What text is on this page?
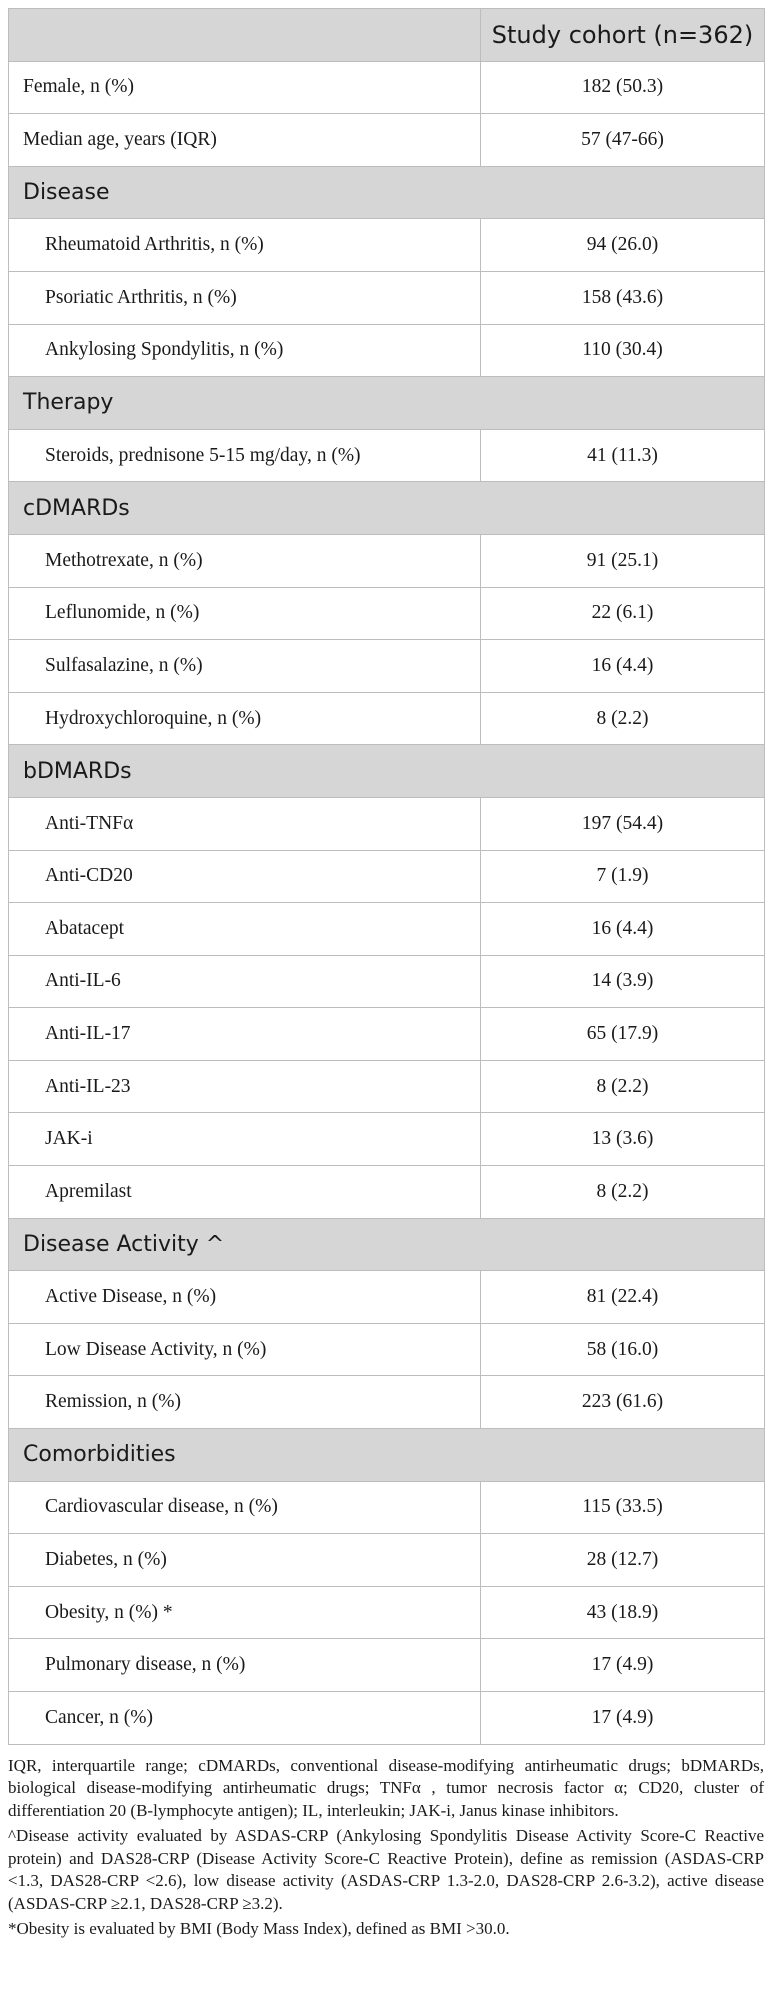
	Study cohort (n=362)
Female, n (%)	182 (50.3)
Median age, years (IQR)	57 (47-66)
Disease	
Rheumatoid Arthritis, n (%)	94 (26.0)
Psoriatic Arthritis, n (%)	158 (43.6)
Ankylosing Spondylitis, n (%)	110 (30.4)
Therapy	
Steroids, prednisone 5-15 mg/day, n (%)	41 (11.3)
cDMARDs	
Methotrexate, n (%)	91 (25.1)
Leflunomide, n (%)	22 (6.1)
Sulfasalazine, n (%)	16 (4.4)
Hydroxychloroquine, n (%)	8 (2.2)
bDMARDs	
Anti-TNFα	197 (54.4)
Anti-CD20	7 (1.9)
Abatacept	16 (4.4)
Anti-IL-6	14 (3.9)
Anti-IL-17	65 (17.9)
Anti-IL-23	8 (2.2)
JAK-i	13 (3.6)
Apremilast	8 (2.2)
Disease Activity ^	
Active Disease, n (%)	81 (22.4)
Low Disease Activity, n (%)	58 (16.0)
Remission, n (%)	223 (61.6)
Comorbidities	
Cardiovascular disease, n (%)	115 (33.5)
Diabetes, n (%)	28 (12.7)
Obesity, n (%) *	43 (18.9)
Pulmonary disease, n (%)	17 (4.9)
Cancer, n (%)	17 (4.9)

IQR, interquartile range; cDMARDs, conventional disease-modifying antirheumatic drugs; bDMARDs, biological disease-modifying antirheumatic drugs; TNFα , tumor necrosis factor α; CD20, cluster of differentiation 20 (B-lymphocyte antigen); IL, interleukin; JAK-i, Janus kinase inhibitors.

^Disease activity evaluated by ASDAS-CRP (Ankylosing Spondylitis Disease Activity Score-C Reactive protein) and DAS28-CRP (Disease Activity Score-C Reactive Protein), define as remission (ASDAS-CRP <1.3, DAS28-CRP <2.6), low disease activity (ASDAS-CRP 1.3-2.0, DAS28-CRP 2.6-3.2), active disease (ASDAS-CRP ≥2.1, DAS28-CRP ≥3.2).

*Obesity is evaluated by BMI (Body Mass Index), defined as BMI >30.0.
